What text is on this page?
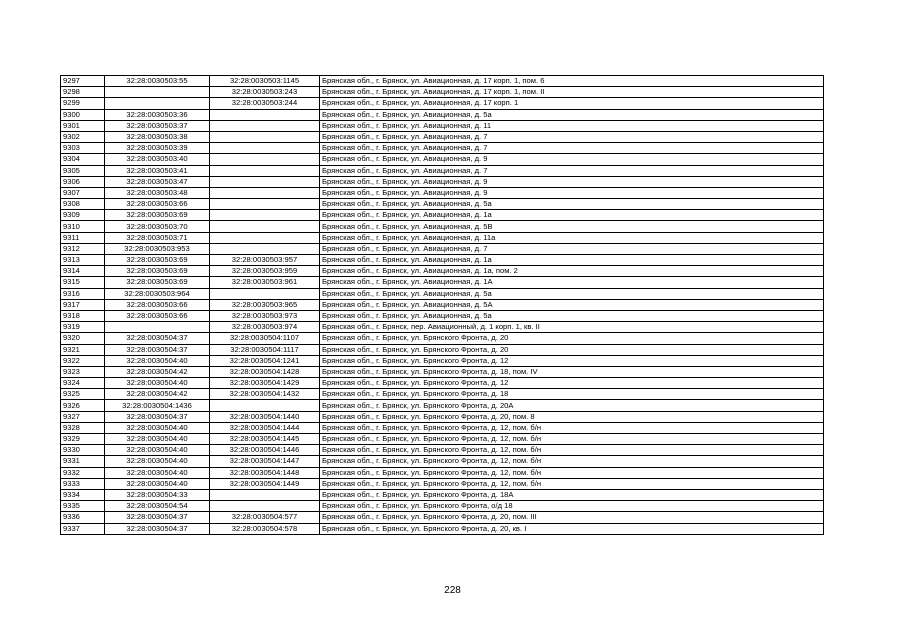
9297	32:28:0030503:55	32:28:0030503:1145	Брянская обл., г. Брянск, ул. Авиационная, д. 17 корп. 1, пом. 6
9298		32:28:0030503:243	Брянская обл., г. Брянск, ул. Авиационная, д. 17 корп. 1, пом. II
9299		32:28:0030503:244	Брянская обл., г. Брянск, ул. Авиационная, д. 17 корп. 1
9300	32:28:0030503:36		Брянская обл., г. Брянск, ул. Авиационная, д. 5а
9301	32:28:0030503:37		Брянская обл., г. Брянск, ул. Авиационная, д. 11
9302	32:28:0030503:38		Брянская обл., г. Брянск, ул. Авиационная, д. 7
9303	32:28:0030503:39		Брянская обл., г. Брянск, ул. Авиационная, д. 7
9304	32:28:0030503:40		Брянская обл., г. Брянск, ул. Авиационная, д. 9
9305	32:28:0030503:41		Брянская обл., г. Брянск, ул. Авиационная, д. 7
9306	32:28:0030503:47		Брянская обл., г. Брянск, ул. Авиационная, д. 9
9307	32:28:0030503:48		Брянская обл., г. Брянск, ул. Авиационная, д. 9
9308	32:28:0030503:66		Брянская обл., г. Брянск, ул. Авиационная, д. 5а
9309	32:28:0030503:69		Брянская обл., г. Брянск, ул. Авиационная, д. 1а
9310	32:28:0030503:70		Брянская обл., г. Брянск, ул. Авиационная, д. 5В
9311	32:28:0030503:71		Брянская обл., г. Брянск, ул. Авиационная, д. 11а
9312	32:28:0030503:953		Брянская обл., г. Брянск, ул. Авиационная, д. 7
9313	32:28:0030503:69	32:28:0030503:957	Брянская обл., г. Брянск, ул. Авиационная, д. 1а
9314	32:28:0030503:69	32:28:0030503:959	Брянская обл., г. Брянск, ул. Авиационная, д. 1а, пом. 2
9315	32:28:0030503:69	32:28:0030503:961	Брянская обл., г. Брянск, ул. Авиационная, д. 1А
9316	32:28:0030503:964		Брянская обл., г. Брянск, ул. Авиационная, д. 5а
9317	32:28:0030503:66	32:28:0030503:965	Брянская обл., г. Брянск, ул. Авиационная, д. 5А
9318	32:28:0030503:66	32:28:0030503:973	Брянская обл., г. Брянск, ул. Авиационная, д. 5а
9319		32:28:0030503:974	Брянская обл., г. Брянск, пер. Авиационный, д. 1 корп. 1, кв. II
9320	32:28:0030504:37	32:28:0030504:1107	Брянская обл., г. Брянск, ул. Брянского Фронта, д. 20
9321	32:28:0030504:37	32:28:0030504:1117	Брянская обл., г. Брянск, ул. Брянского Фронта, д. 20
9322	32:28:0030504:40	32:28:0030504:1241	Брянская обл., г. Брянск, ул. Брянского Фронта, д. 12
9323	32:28:0030504:42	32:28:0030504:1428	Брянская обл., г. Брянск, ул. Брянского Фронта, д. 18, пом. IV
9324	32:28:0030504:40	32:28:0030504:1429	Брянская обл., г. Брянск, ул. Брянского Фронта, д. 12
9325	32:28:0030504:42	32:28:0030504:1432	Брянская обл., г. Брянск, ул. Брянского Фронта, д. 18
9326	32:28:0030504:1436		Брянская обл., г. Брянск, ул. Брянского Фронта, д. 20А
9327	32:28:0030504:37	32:28:0030504:1440	Брянская обл., г. Брянск, ул. Брянского Фронта, д. 20, пом. 8
9328	32:28:0030504:40	32:28:0030504:1444	Брянская обл., г. Брянск, ул. Брянского Фронта, д. 12, пом. б/н
9329	32:28:0030504:40	32:28:0030504:1445	Брянская обл., г. Брянск, ул. Брянского Фронта, д. 12, пом. б/н
9330	32:28:0030504:40	32:28:0030504:1446	Брянская обл., г. Брянск, ул. Брянского Фронта, д. 12, пом. б/н
9331	32:28:0030504:40	32:28:0030504:1447	Брянская обл., г. Брянск, ул. Брянского Фронта, д. 12, пом. б/н
9332	32:28:0030504:40	32:28:0030504:1448	Брянская обл., г. Брянск, ул. Брянского Фронта, д. 12, пом. б/н
9333	32:28:0030504:40	32:28:0030504:1449	Брянская обл., г. Брянск, ул. Брянского Фронта, д. 12, пом. б/н
9334	32:28:0030504:33		Брянская обл., г. Брянск, ул. Брянского Фронта, д. 18А
9335	32:28:0030504:54		Брянская обл., г. Брянск, ул. Брянского Фронта, о/д 18
9336	32:28:0030504:37	32:28:0030504:577	Брянская обл., г. Брянск, ул. Брянского Фронта, д. 20, пом. III
9337	32:28:0030504:37	32:28:0030504:578	Брянская обл., г. Брянск, ул. Брянского Фронта, д. 20, кв. I
228
